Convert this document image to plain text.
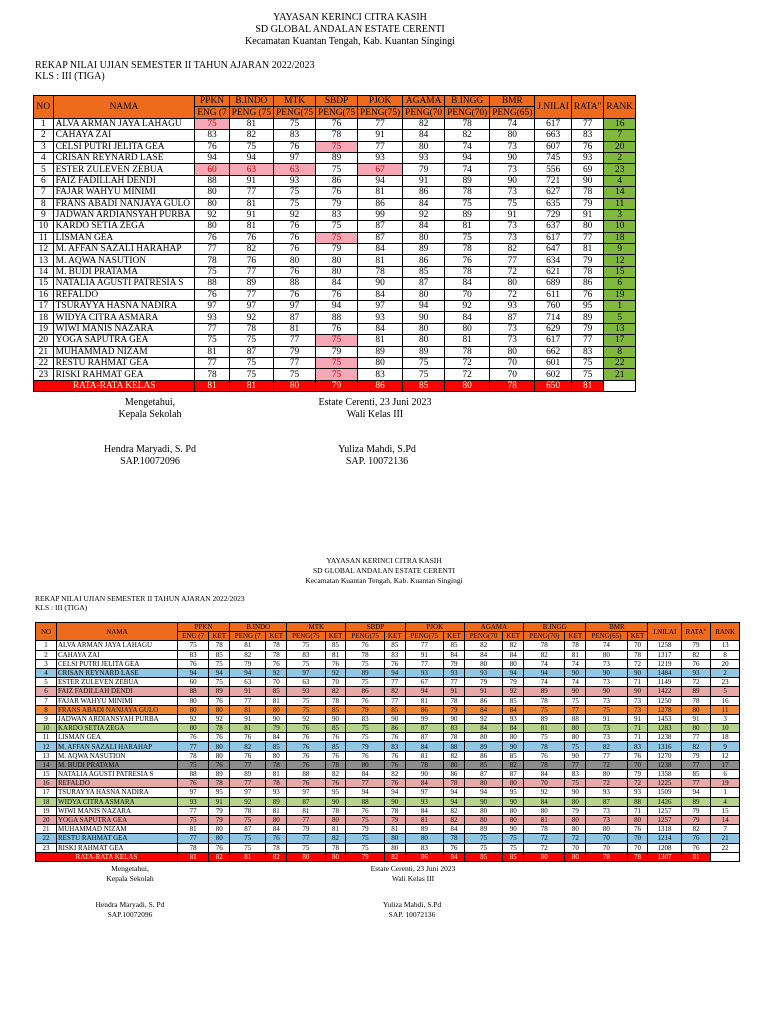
YAYASAN KERINCI CITRA KASIH
SD GLOBAL ANDALAN ESTATE CERENTI
Kecamatan Kuantan Tengah, Kab. Kuantan Singingi
REKAP NILAI UJIAN SEMESTER II TAHUN AJARAN 2022/2023
KLS : III (TIGA)
NO	NAMA	PPKN	B.INDO	MTK	SBDP	PJOK	AGAMA	B.INGG	BMR	J.NILAI	RATA"	RANK
		ENG (7	PENG (75	PENG(75	PENG(75	PENG(75)	PENG(70	PENG(70)	PENG(65)			
1	ALVA ARMAN JAYA LAHAGU	75	81	75	76	77	82	78	74	617	77	16
2	CAHAYA ZAI	83	82	83	78	91	84	82	80	663	83	7
3	CELSI PUTRI JELITA GEA	76	75	76	75	77	80	74	73	607	76	20
4	CRISAN REYNARD LASE	94	94	97	89	93	93	94	90	745	93	2
5	ESTER ZULEVEN ZEBUA	60	63	63	75	67	79	74	73	556	69	23
6	FAIZ FADILLAH DENDI	88	91	93	86	94	91	89	90	721	90	4
7	FAJAR WAHYU MINIMI	80	77	75	76	81	86	78	73	627	78	14
8	FRANS ABADI NANJAYA GULO	80	81	75	79	86	84	75	75	635	79	11
9	JADWAN ARDIANSYAH PURBA	92	91	92	83	99	92	89	91	729	91	3
10	KARDO SETIA ZEGA	80	81	76	75	87	84	81	73	637	80	10
11	LISMAN GEA	76	76	76	75	87	80	75	73	617	77	18
12	M. AFFAN SAZALI HARAHAP	77	82	76	79	84	89	78	82	647	81	9
13	M. AQWA NASUTION	78	76	80	80	81	86	76	77	634	79	12
14	M. BUDI PRATAMA	75	77	76	80	78	85	78	72	621	78	15
15	NATALIA AGUSTI PATRESIA S	88	89	88	84	90	87	84	80	689	86	6
16	REFALDO	76	77	76	76	84	80	70	72	611	76	19
17	TSURAYYA HASNA NADIRA	97	97	97	94	97	94	92	93	760	95	1
18	WIDYA CITRA ASMARA	93	92	87	88	93	90	84	87	714	89	5
19	WIWI MANIS NAZARA	77	78	81	76	84	80	80	73	629	79	13
20	YOGA SAPUTRA GEA	75	75	77	75	81	80	81	73	617	77	17
21	MUHAMMAD NIZAM	81	87	79	79	89	89	78	80	662	83	8
22	RESTU RAHMAT GEA	77	75	77	75	80	75	72	70	601	75	22
23	RISKI RAHMAT GEA	78	75	75	75	83	75	72	70	602	75	21
RATA-RATA KELAS		81	81	80	79	86	85	80	78	650	81	
Mengetahui,
Kepala Sekolah
Estate Cerenti, 23 Juni 2023
Wali Kelas III
Hendra Maryadi, S. Pd
SAP.10072096
Yuliza Mahdi, S.Pd
SAP. 10072136
YAYASAN KERINCI CITRA KASIH
SD GLOBAL ANDALAN ESTATE CERENTI
Kecamatan Kuantan Tengah, Kab. Kuantan Singingi
REKAP NILAI UJIAN SEMESTER II TAHUN AJARAN 2022/2023
KLS : III (TIGA)
NO	NAMA	PPKN		B.INDO		MTK		SBDP		PJOK		AGAMA		B.INGG		BMR		J.NILAI	RATA"	RANK
		ENG (7	KET	PENG (7	KET	PENG(75	KET	PENG(75	KET	PENG(75	KET	PENG(70	KET	PENG(70)	KET	PENG(65)	KET			
1	ALVA ARMAN JAYA LAHAGU	75	78	81	78	75	85	76	85	77	85	82	82	78	78	74	70	1258	79	13
2	CAHAYA ZAI	83	85	82	78	83	81	78	83	91	84	84	84	82	81	80	78	1317	82	8
3	CELSI PUTRI JELITA GEA	76	75	79	76	75	76	75	76	77	79	80	80	74	74	73	72	1219	76	20
4	CRISAN REYNARD LASE	94	94	94	92	97	92	89	94	93	93	93	94	94	90	90	90	1484	93	2
5	ESTER ZULEVEN ZEBUA	60	75	63	70	63	70	75	77	67	77	79	79	74	74	73	71	1149	72	23
6	FAIZ FADILLAH DENDI	88	89	91	85	93	82	86	82	94	91	91	92	89	90	90	90	1422	89	5
7	FAJAR WAHYU MINIMI	80	76	77	81	75	78	76	77	81	78	86	85	78	75	73	73	1250	78	16
8	FRANS ABADI NANJAYA GULO	80	80	81	80	75	85	79	85	86	79	84	84	75	77	75	73	1278	80	11
9	JADWAN ARDIANSYAH PURBA	92	92	91	90	92	90	83	90	99	90	92	93	89	88	91	91	1453	91	3
10	KARDO SETIA ZEGA	80	78	81	79	76	85	75	86	87	83	84	84	81	80	73	71	1283	80	10
11	LISMAN GEA	76	76	76	84	76	76	75	76	87	78	80	80	75	80	73	71	1238	77	18
12	M. AFFAN SAZALI HARAHAP	77	80	82	85	76	85	79	83	84	88	89	90	78	75	82	83	1316	82	9
13	M. AQWA NASUTION	78	80	76	80	76	76	76	76	81	82	86	85	76	90	77	76	1270	79	12
14	M. BUDI PRATAMA	75	76	77	78	76	78	80	76	78	80	85	82	78	77	72	70	1238	77	17
15	NATALIA AGUSTI PATRESIA S	88	89	89	81	88	82	84	82	90	86	87	87	84	83	80	79	1358	85	6
16	REFALDO	76	78	77	78	76	76	77	76	84	78	80	80	70	75	72	72	1225	77	19
17	TSURAYYA HASNA NADIRA	97	95	97	93	97	95	94	94	97	94	94	95	92	90	93	93	1509	94	1
18	WIDYA CITRA ASMARA	93	91	92	89	87	90	88	90	93	94	90	90	84	80	87	88	1426	89	4
19	WIWI MANIS NAZARA	77	79	78	81	81	78	76	78	84	82	80	80	80	79	73	71	1257	79	15
20	YOGA SAPUTRA GEA	75	79	75	80	77	80	75	79	81	82	80	80	81	80	73	80	1257	79	14
21	MUHAMMAD NIZAM	81	80	87	84	79	81	79	81	89	84	89	90	78	80	80	76	1318	82	7
22	RESTU RAHMAT GEA	77	80	75	76	77	82	75	80	80	78	75	75	72	72	70	70	1214	76	21
23	RISKI RAHMAT GEA	78	76	75	78	75	78	75	80	83	76	75	75	72	70	70	70	1208	76	22
RATA-RATA KELAS		81	82	81	82	80	80	79	82	86	84	85	85	80	80	78	78	1307	81	
Mengetahui,
Kepala Sekolah
Estate Cerenti, 23 Juni 2023
Wali Kelas III
Hendra Maryadi, S. Pd
SAP.10072096
Yuliza Mahdi, S.Pd
SAP. 10072136
